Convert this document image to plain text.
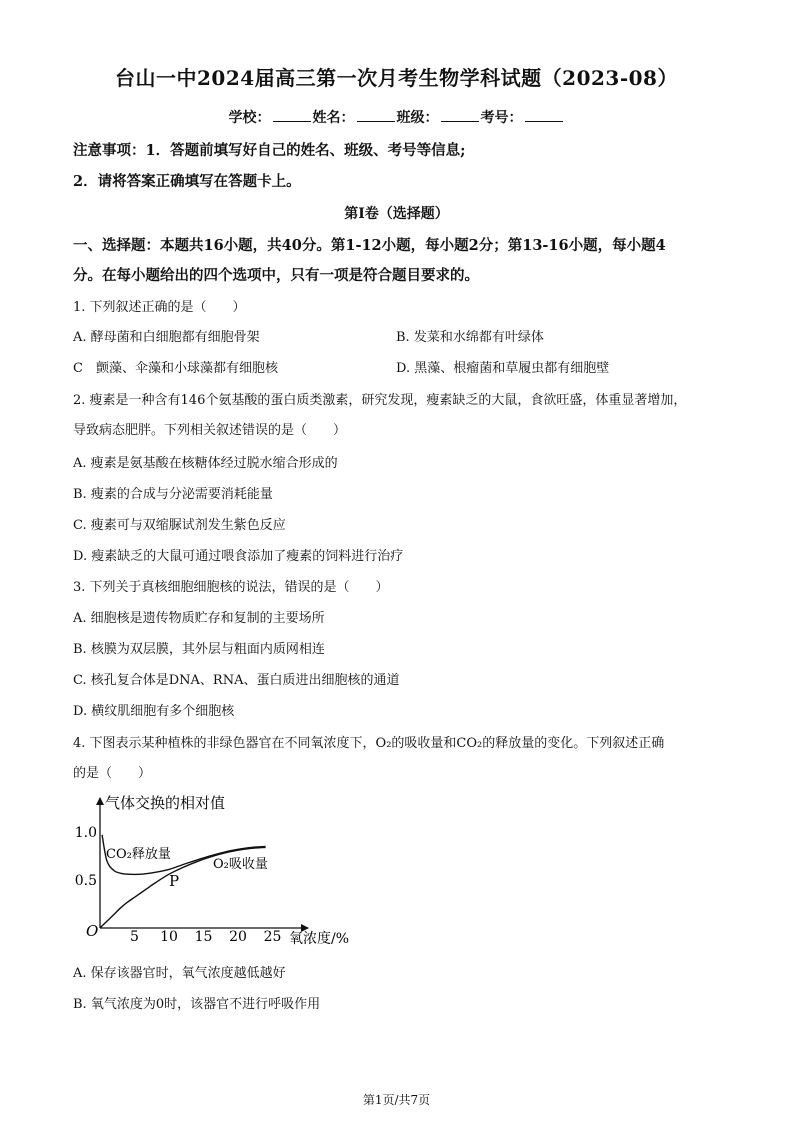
台山一中2024届高三第一次月考生物学科试题（2023-08）
学校：	姓名：	班级：	考号：
注意事项：1．答题前填写好自己的姓名、班级、考号等信息;
2．请将答案正确填写在答题卡上。
第I卷（选择题）
一、选择题：本题共16小题，共40分。第1-12小题，每小题2分；第13-16小题，每小题4
分。在每小题给出的四个选项中，只有一项是符合题目要求的。
1. 下列叙述正确的是（　　）
A. 酵母菌和白细胞都有细胞骨架	B. 发菜和水绵都有叶绿体
C　颤藻、伞藻和小球藻都有细胞核	D. 黑藻、根瘤菌和草履虫都有细胞壁
2. 瘦素是一种含有146个氨基酸的蛋白质类激素，研究发现，瘦素缺乏的大鼠，食欲旺盛，体重显著增加，
导致病态肥胖。下列相关叙述错误的是（　　）
A. 瘦素是氨基酸在核糖体经过脱水缩合形成的
B. 瘦素的合成与分泌需要消耗能量
C. 瘦素可与双缩脲试剂发生紫色反应
D. 瘦素缺乏的大鼠可通过喂食添加了瘦素的饲料进行治疗
3. 下列关于真核细胞细胞核的说法，错误的是（　　）
A. 细胞核是遗传物质贮存和复制的主要场所
B. 核膜为双层膜，其外层与粗面内质网相连
C. 核孔复合体是DNA、RNA、蛋白质进出细胞核的通道
D. 横纹肌细胞有多个细胞核
4. 下图表示某种植株的非绿色器官在不同氧浓度下，O₂的吸收量和CO₂的释放量的变化。下列叙述正确
的是（　　）
气体交换的相对值
氧浓度/%
O 5 10 15 20 25
1.0
0.5
CO₂释放量
O₂吸收量
P
A. 保存该器官时，氧气浓度越低越好
B. 氧气浓度为0时，该器官不进行呼吸作用
第1页/共7页
